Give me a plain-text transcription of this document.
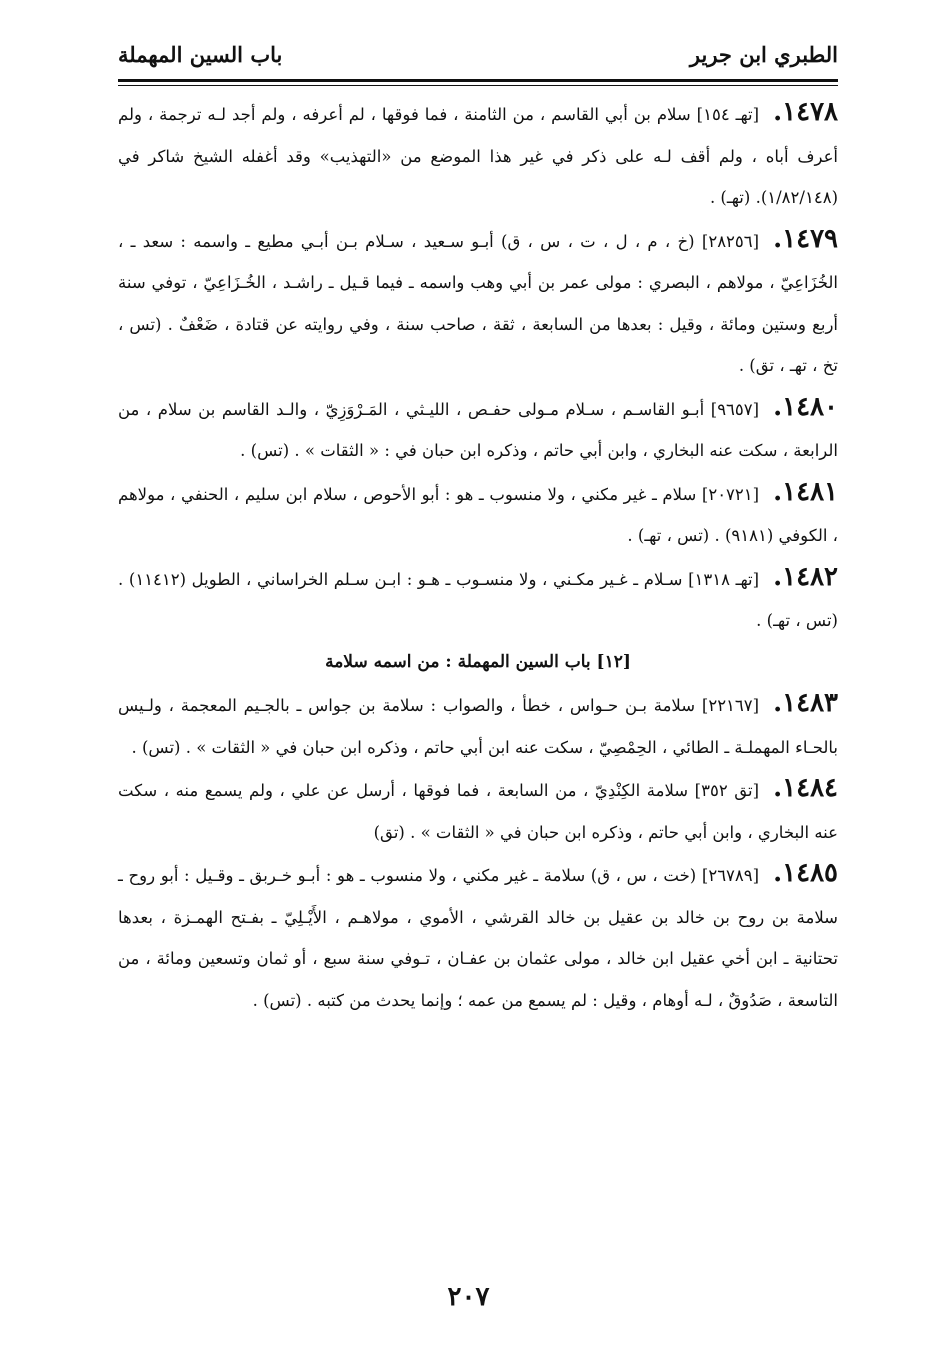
الطبري ابن جرير
باب السين المهملة

١٤٧٨.[تهـ ١٥٤] سلام بن أبي القاسم ، من الثامنة ، فما فوقها ، لم أعرفه ، ولم أجد لـه ترجمة ، ولم أعرف أباه ، ولم أقف لـه على ذكر في غير هذا الموضع من «التهذيب» وقد أغفله الشيخ شاكر في (١/٨٢/١٤٨). (تهـ) .

١٤٧٩.[٢٨٢٥٦] (خ ، م ، ل ، ت ، س ، ق) أبـو سـعيد ، سـلام بـن أبـي مطيع ـ واسمه : سعد ـ ، الخُزَاعِيّ ، مولاهم ، البصري : مولى عمر بن أبي وهب واسمه ـ فيما قـيل ـ راشـد ، الخُـزَاعِيّ ، توفي سنة أربع وستين ومائة ، وقيل : بعدها من السابعة ، ثقة ، صاحب سنة ، وفي روايته عن قتادة ، ضَعْفٌ . (تس ، تخ ، تهـ ، تق) .

١٤٨٠.[٩٦٥٧] أبـو القاسـم ، سـلام مـولى حفـص ، الليـثي ، المَـرْوَزِيّ ، والـد القاسم بن سلام ، من الرابعة ، سكت عنه البخاري ، وابن أبي حاتم ، وذكره ابن حبان في : « الثقات » . (تس) .

١٤٨١.[٢٠٧٢١] سلام ـ غير مكني ، ولا منسوب ـ هو : أبو الأحوص ، سلام ابن سليم ، الحنفي ، مولاهم ، الكوفي (٩١٨١) . (تس ، تهـ) .

١٤٨٢.[تهـ ١٣١٨] سـلام ـ غـير مكـني ، ولا منسـوب ـ هـو : ابـن سـلم الخراساني ، الطويل (١١٤١٢) . (تس ، تهـ) .

[١٢] باب السين المهملة : من اسمه سلامة

١٤٨٣.[٢٢١٦٧] سلامة بـن حـواس ، خطأ ، والصواب : سلامة بن جواس ـ بالجـيم المعجمة ، ولـيس بالحـاء المهملـة ـ الطائي ، الحِمْصِيّ ، سكت عنه ابن أبي حاتم ، وذكره ابن حبان في « الثقات » . (تس) .

١٤٨٤.[تق ٣٥٢] سلامة الكِنْدِيّ ، من السابعة ، فما فوقها ، أرسل عن علي ، ولم يسمع منه ، سكت عنه البخاري ، وابن أبي حاتم ، وذكره ابن حبان في « الثقات » . (تق)

١٤٨٥.[٢٦٧٨٩] (خت ، س ، ق) سلامة ـ غير مكني ، ولا منسوب ـ هو : أبـو خـربق ـ وقـيل : أبو روح ـ سلامة بن روح بن خالد بن عقيل بن خالد القرشي ، الأموي ، مولاهـم ، الأَيْـلِيّ ـ بفـتح الهمـزة ، بعدها تحتانية ـ ابن أخي عقيل ابن خالد ، مولى عثمان بن عفـان ، تـوفي سنة سبع ، أو ثمان وتسعين ومائة ، من التاسعة ، صَدُوقٌ ، لـه أوهام ، وقيل : لم يسمع من عمه ؛ وإنما يحدث من كتبه . (تس) .

٢٠٧
